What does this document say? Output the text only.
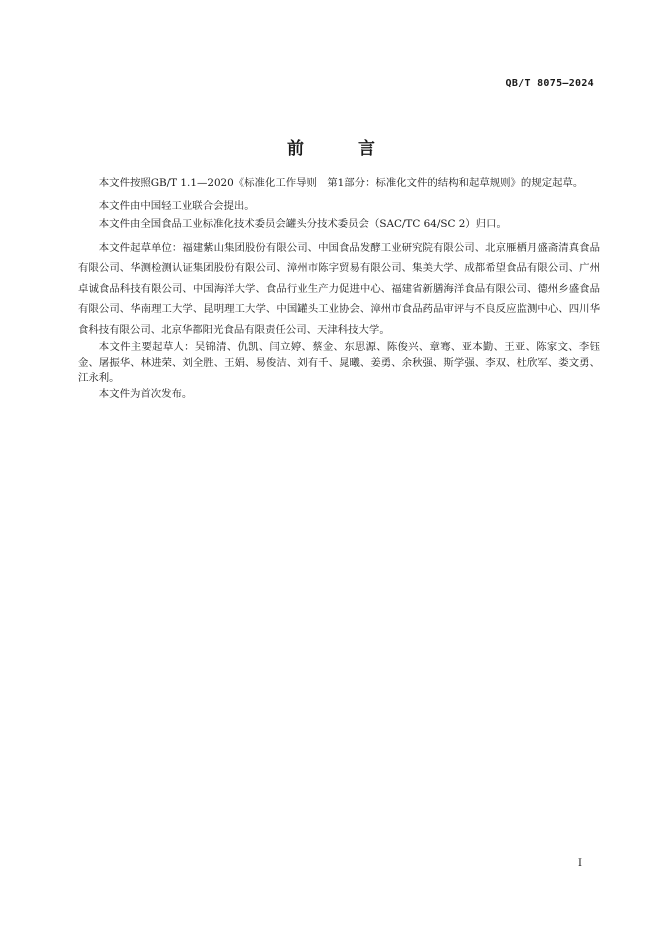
QB/T 8075—2024
前 言

本文件按照GB/T 1.1—2020《标准化工作导则　第1部分：标准化文件的结构和起草规则》的规定起草。

本文件由中国轻工业联合会提出。

本文件由全国食品工业标准化技术委员会罐头分技术委员会（SAC/TC 64/SC 2）归口。

本文件起草单位：福建紫山集团股份有限公司、中国食品发酵工业研究院有限公司、北京雁栖月盛斋清真食品有限公司、华测检测认证集团股份有限公司、漳州市陈字贸易有限公司、集美大学、成都希望食品有限公司、广州卓诚食品科技有限公司、中国海洋大学、食品行业生产力促进中心、福建省新膳海洋食品有限公司、德州乡盛食品有限公司、华南理工大学、昆明理工大学、中国罐头工业协会、漳州市食品药品审评与不良反应监测中心、四川华食科技有限公司、北京华都阳光食品有限责任公司、天津科技大学。

本文件主要起草人：吴锦清、仇凯、闫立婷、蔡金、东思源、陈俊兴、章骞、亚本勤、王亚、陈家文、李钰金、屠振华、林进荣、刘全胜、王娟、易俊洁、刘有千、晁曦、姜勇、余秋强、斯学强、李双、杜欣军、娄文勇、江永利。

本文件为首次发布。

I
